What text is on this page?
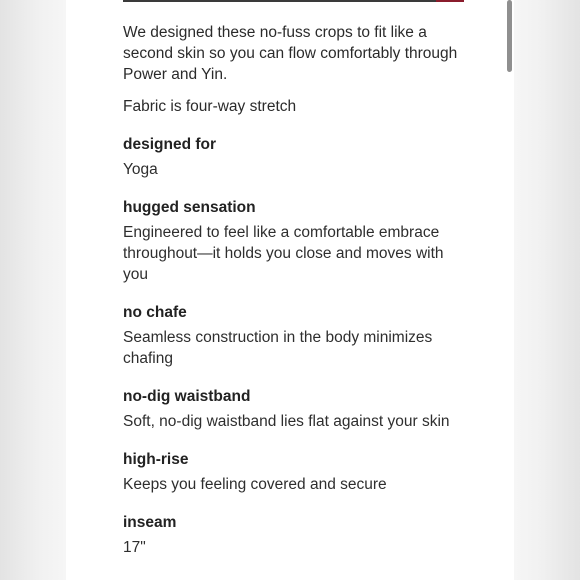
We designed these no-fuss crops to fit like a second skin so you can flow comfortably through Power and Yin.

Fabric is four-way stretch

designed for

Yoga

hugged sensation

Engineered to feel like a comfortable embrace throughout—it holds you close and moves with you

no chafe

Seamless construction in the body minimizes chafing

no-dig waistband

Soft, no-dig waistband lies flat against your skin

high-rise

Keeps you feeling covered and secure

inseam

17"
